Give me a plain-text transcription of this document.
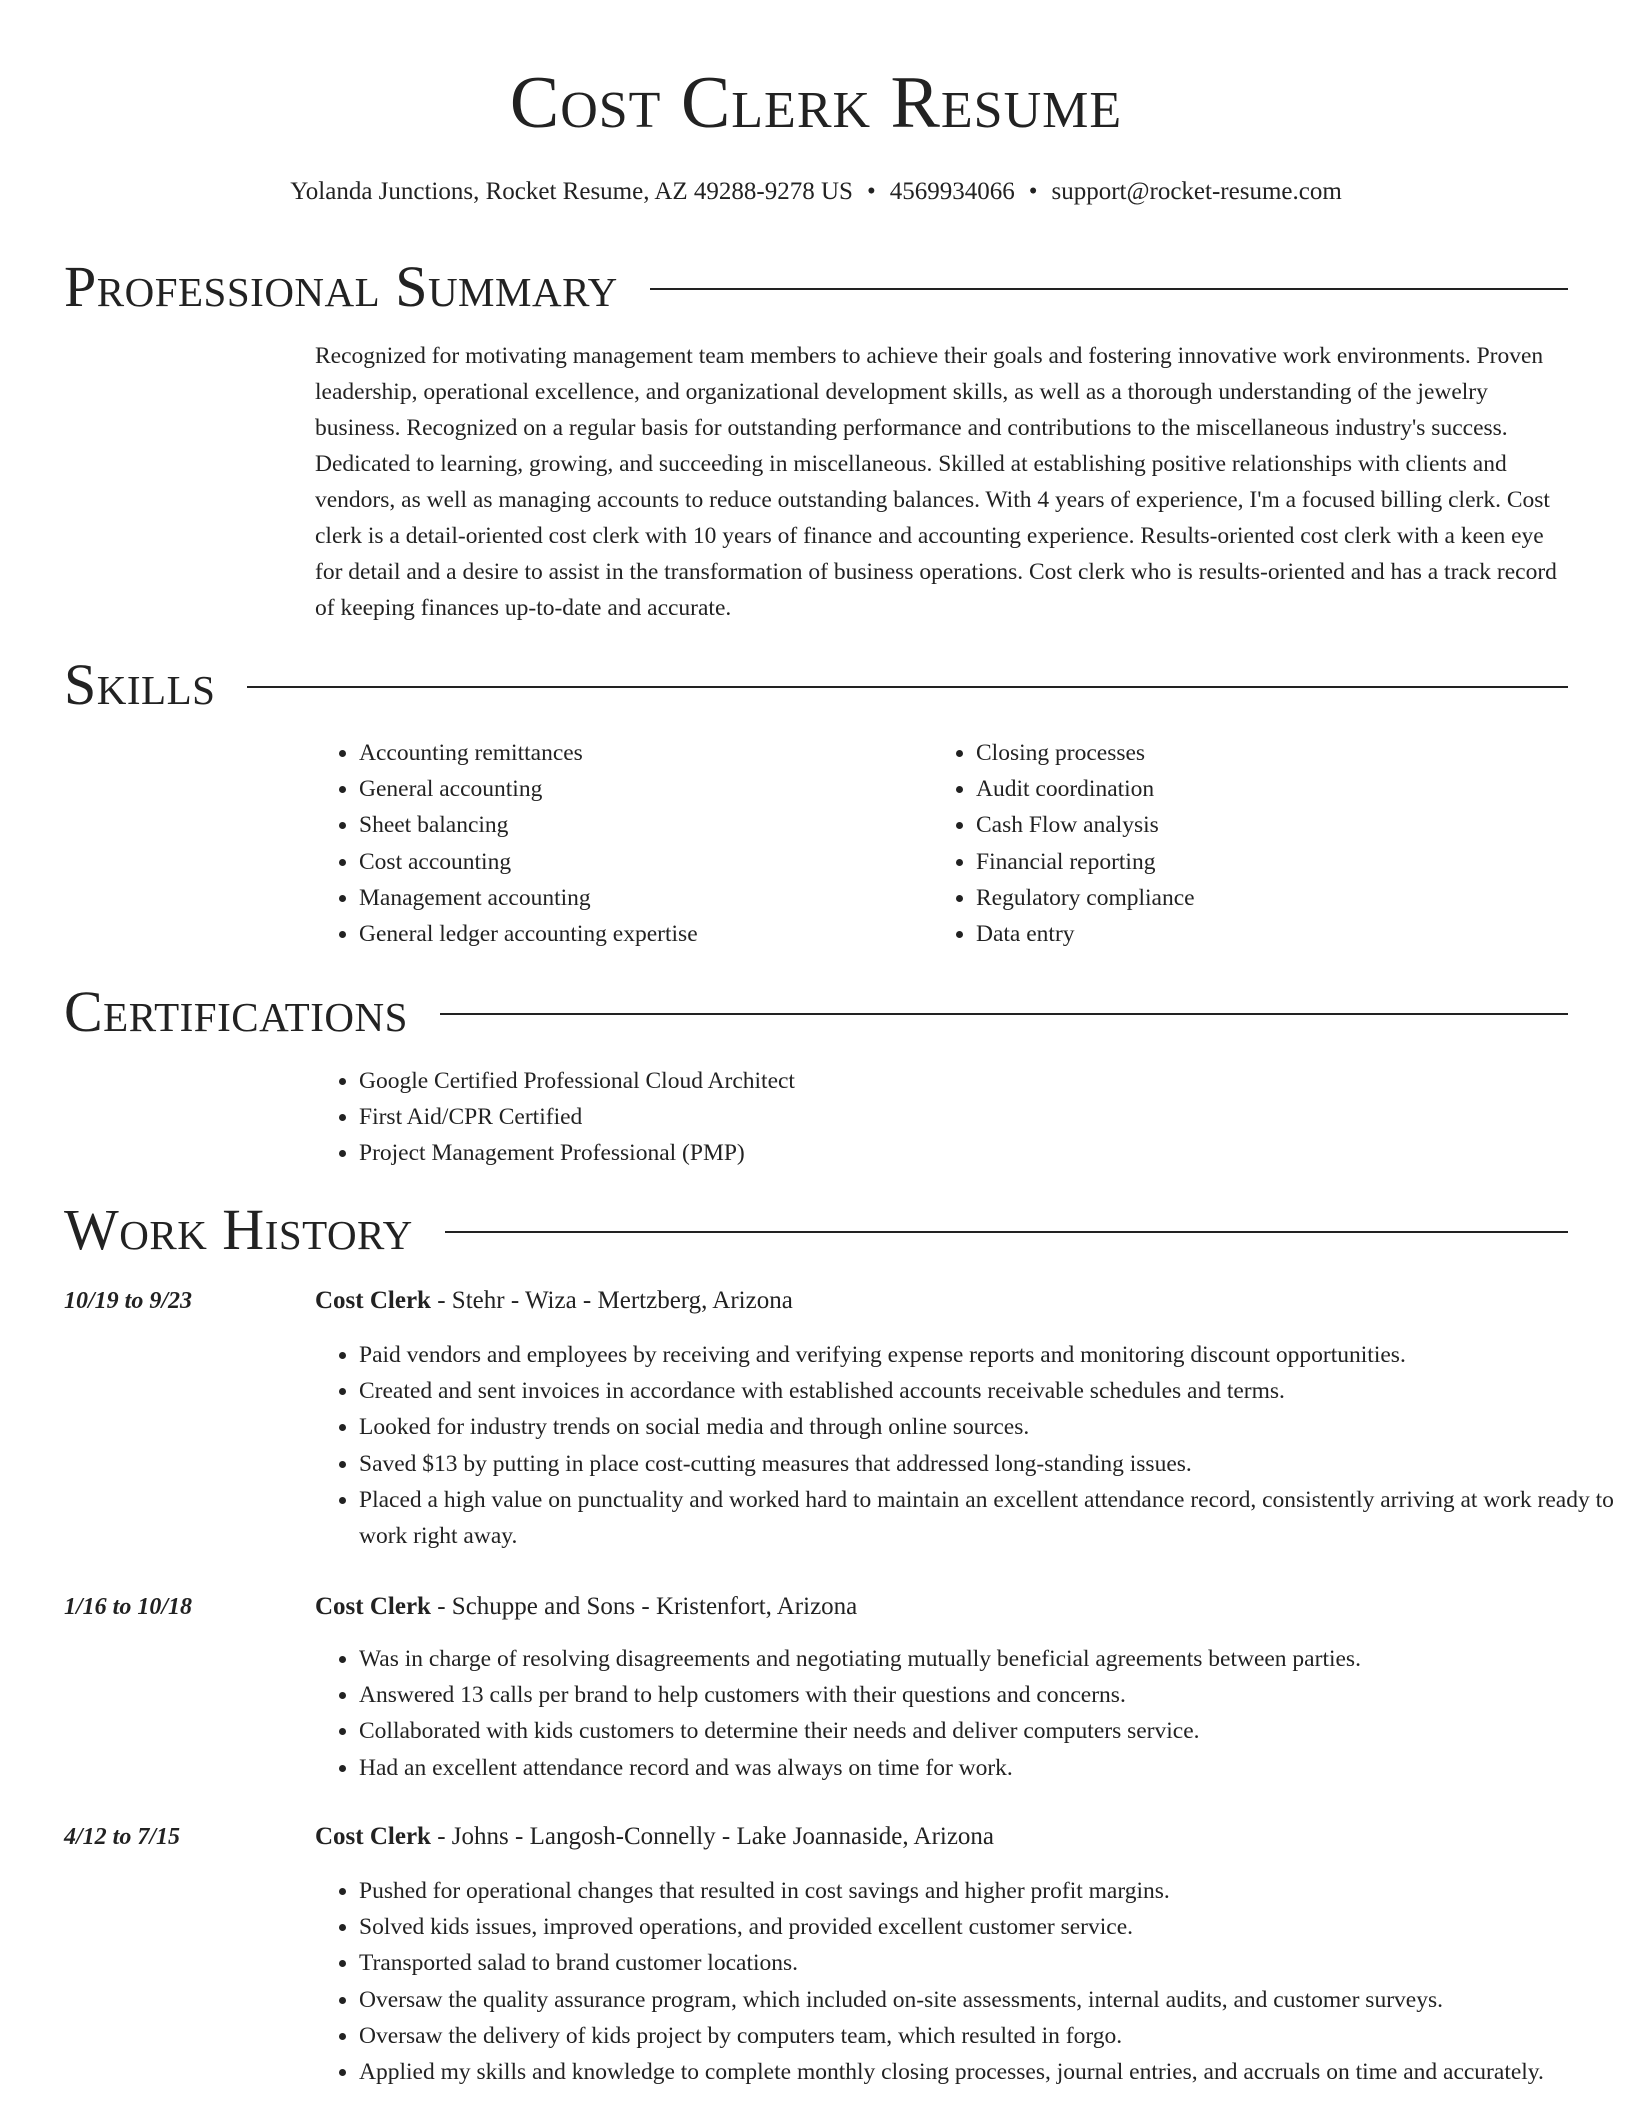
Cost Clerk Resume
Yolanda Junctions, Rocket Resume, AZ 49288-9278 US • 4569934066 • support@rocket-resume.com
Professional Summary

Recognized for motivating management team members to achieve their goals and fostering innovative work environments. Proven leadership, operational excellence, and organizational development skills, as well as a thorough understanding of the jewelry business. Recognized on a regular basis for outstanding performance and contributions to the miscellaneous industry's success. Dedicated to learning, growing, and succeeding in miscellaneous. Skilled at establishing positive relationships with clients and vendors, as well as managing accounts to reduce outstanding balances. With 4 years of experience, I'm a focused billing clerk. Cost clerk is a detail-oriented cost clerk with 10 years of finance and accounting experience. Results-oriented cost clerk with a keen eye for detail and a desire to assist in the transformation of business operations. Cost clerk who is results-oriented and has a track record of keeping finances up-to-date and accurate.

Skills
• Accounting remittances
• General accounting
• Sheet balancing
• Cost accounting
• Management accounting
• General ledger accounting expertise
• Closing processes
• Audit coordination
• Cash Flow analysis
• Financial reporting
• Regulatory compliance
• Data entry
Certifications
• Google Certified Professional Cloud Architect
• First Aid/CPR Certified
• Project Management Professional (PMP)
Work History
10/19 to 9/23	Cost Clerk - Stehr - Wiza - Mertzberg, Arizona
• Paid vendors and employees by receiving and verifying expense reports and monitoring discount opportunities.
• Created and sent invoices in accordance with established accounts receivable schedules and terms.
• Looked for industry trends on social media and through online sources.
• Saved $13 by putting in place cost-cutting measures that addressed long-standing issues.
• Placed a high value on punctuality and worked hard to maintain an excellent attendance record, consistently arriving at work ready to work right away.
1/16 to 10/18	Cost Clerk - Schuppe and Sons - Kristenfort, Arizona
• Was in charge of resolving disagreements and negotiating mutually beneficial agreements between parties.
• Answered 13 calls per brand to help customers with their questions and concerns.
• Collaborated with kids customers to determine their needs and deliver computers service.
• Had an excellent attendance record and was always on time for work.
4/12 to 7/15	Cost Clerk - Johns - Langosh-Connelly - Lake Joannaside, Arizona
• Pushed for operational changes that resulted in cost savings and higher profit margins.
• Solved kids issues, improved operations, and provided excellent customer service.
• Transported salad to brand customer locations.
• Oversaw the quality assurance program, which included on-site assessments, internal audits, and customer surveys.
• Oversaw the delivery of kids project by computers team, which resulted in forgo.
• Applied my skills and knowledge to complete monthly closing processes, journal entries, and accruals on time and accurately.
